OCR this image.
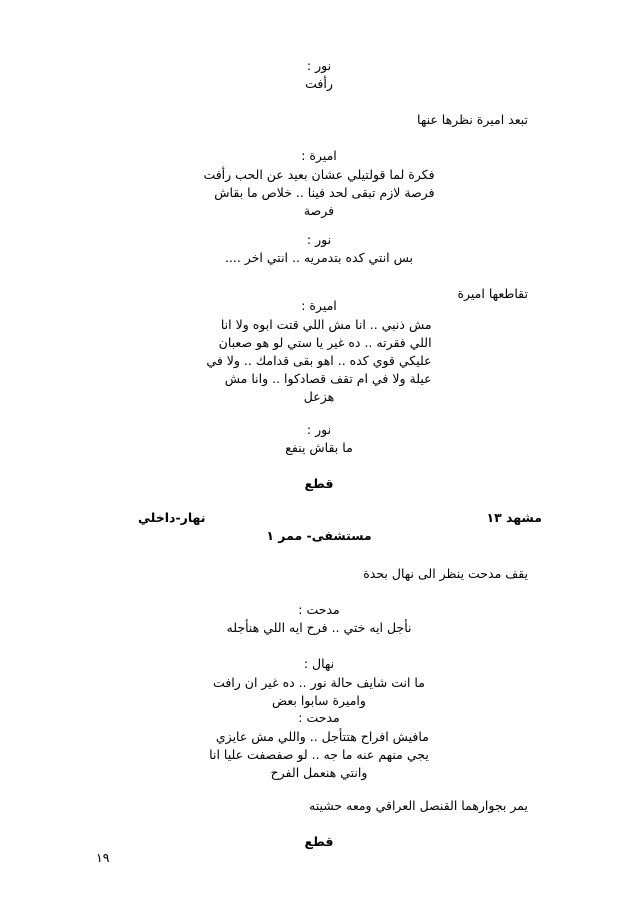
نور :
رأفت
تبعد اميرة نظرها عنها
اميرة :
فكرة لما قولتيلي عشان بعيد عن الحب رأفت
فرصة لازم تبقى لحد فينا .. خلاص ما بقاش
فرصة
نور :
بس انتي كده بتدمريه .. انتي اخر ....
تقاطعها اميرة
اميرة :
مش ذنبي .. انا مش اللي قتت ابوه ولا انا
اللي فقرته .. ده غير يا ستي لو هو صعبان
عليكي قوي كده .. اهو بقى قدامك .. ولا في
عيلة ولا في ام تقف قصادكوا .. وانا مش
هزعل
نور :
ما بقاش ينفع
قطع
مشهد ١٣
نهار-داخلي
مستشفى- ممر ١
يقف مدحت ينظر الى نهال بحدة
مدحت :
نأجل ايه ختي .. فرح ايه اللي هنأجله
نهال :
ما انت شايف حالة نور .. ده غير ان رافت
واميرة سابوا بعض
مدحت :
مافيش افراح هتتأجل .. واللي مش عايزي
يجي منهم عنه ما جه .. لو صفصفت عليا انا
وانتي هنعمل الفرح
يمر بجوارهما القنصل العراقي ومعه حشيته
قطع
١٩
